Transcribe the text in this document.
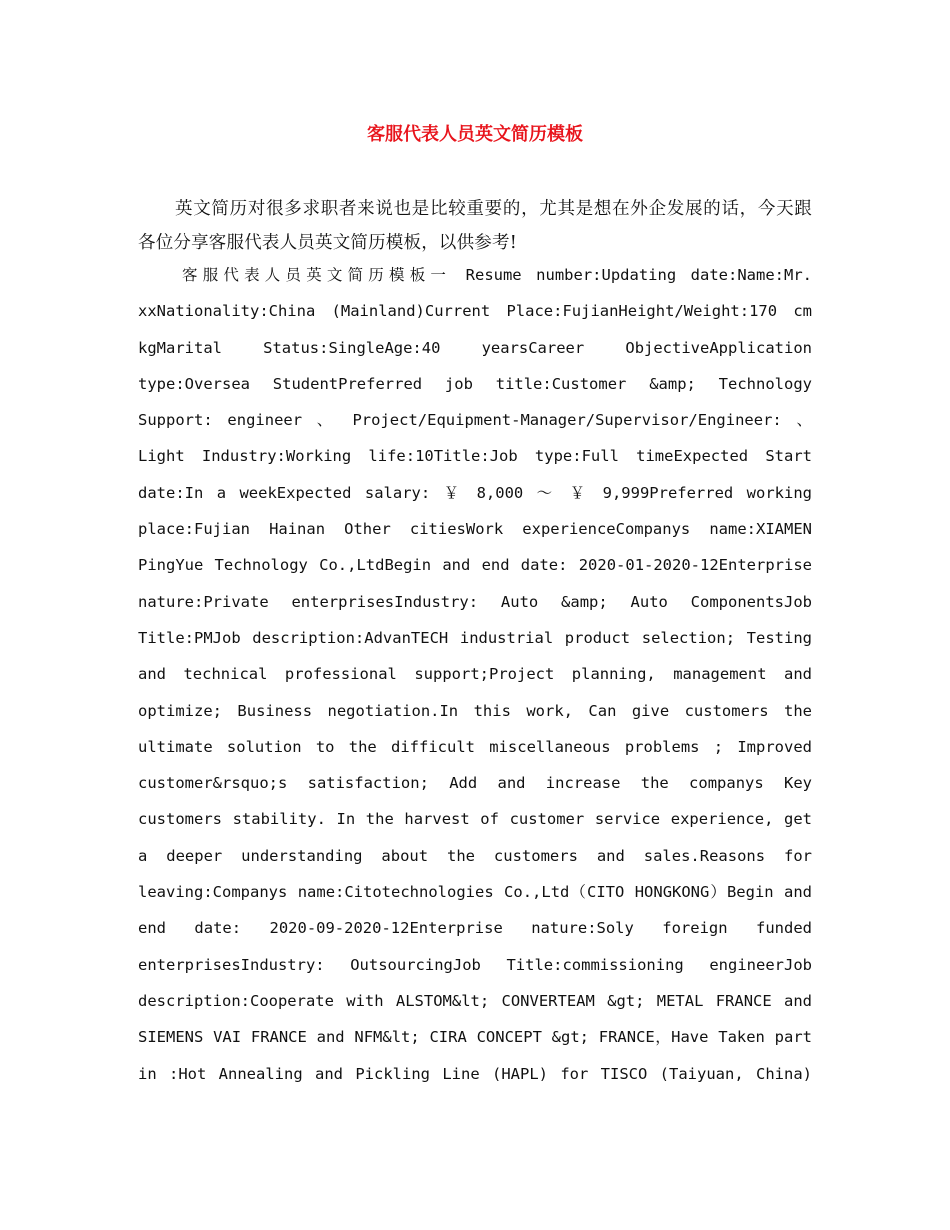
客服代表人员英文简历模板
英文简历对很多求职者来说也是比较重要的，尤其是想在外企发展的话，今天跟各位分享客服代表人员英文简历模板，以供参考!
客服代表人员英文简历模板一 Resume number:Updating date:Name:Mr. xxNationality:China (Mainland)Current Place:FujianHeight/Weight:170 cm kgMarital Status:SingleAge:40 yearsCareer ObjectiveApplication type:Oversea StudentPreferred job title:Customer &amp; Technology Support: engineer 、 Project/Equipment-Manager/Supervisor/Engineer: 、 Light Industry:Working life:10Title:Job type:Full timeExpected Start date:In a weekExpected salary: ￥ 8,000 ～ ￥ 9,999Preferred working place:Fujian Hainan Other citiesWork experienceCompanys name:XIAMEN PingYue Technology Co.,LtdBegin and end date: 2020-01-2020-12Enterprise nature:Private enterprisesIndustry: Auto &amp; Auto ComponentsJob Title:PMJob description:AdvanTECH industrial product selection; Testing and technical professional support;Project planning, management and optimize; Business negotiation.In this work, Can give customers the ultimate solution to the difficult miscellaneous problems ; Improved customer&rsquo;s satisfaction; Add and increase the companys Key customers stability. In the harvest of customer service experience, get a deeper understanding about the customers and sales.Reasons for leaving:Companys name:Citotechnologies Co.,Ltd（CITO HONGKONG）Begin and end date: 2020-09-2020-12Enterprise nature:Soly foreign funded enterprisesIndustry: OutsourcingJob Title:commissioning engineerJob description:Cooperate with ALSTOM&lt; CONVERTEAM &gt; METAL FRANCE and SIEMENS VAI FRANCE and NFM&lt; CIRA CONCEPT &gt; FRANCE，Have Taken part in :Hot Annealing and Pickling Line (HAPL) for TISCO (Taiyuan, China)
